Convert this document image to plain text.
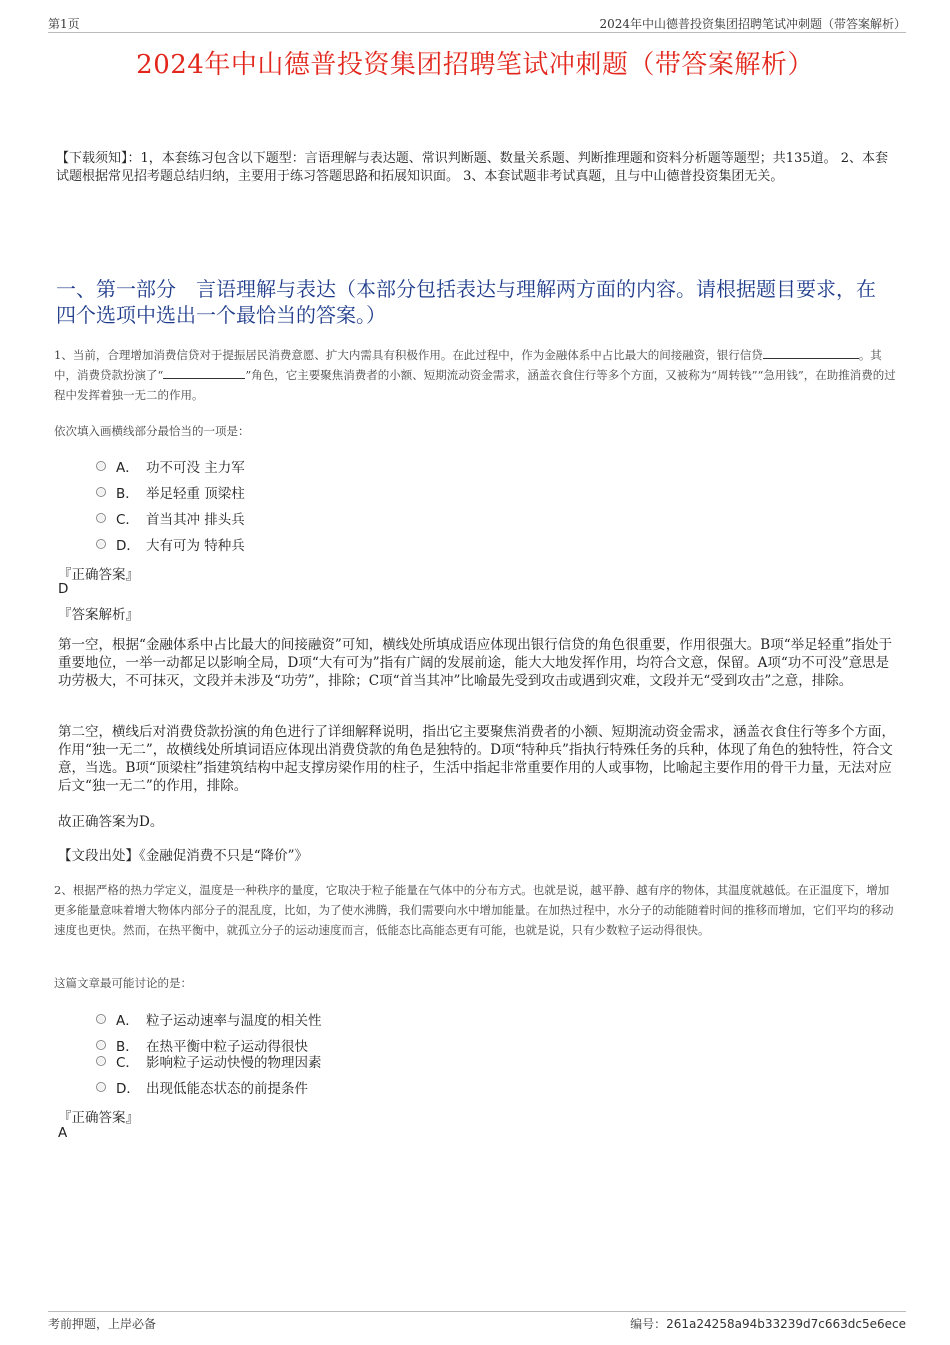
第1页	2024年中山德普投资集团招聘笔试冲刺题（带答案解析）
2024年中山德普投资集团招聘笔试冲刺题（带答案解析）
【下载须知】：1，本套练习包含以下题型：言语理解与表达题、常识判断题、数量关系题、判断推理题和资料分析题等题型；共135道。 2、本套试题根据常见招考题总结归纳，主要用于练习答题思路和拓展知识面。 3、本套试题非考试真题，且与中山德普投资集团无关。
一、第一部分　言语理解与表达（本部分包括表达与理解两方面的内容。请根据题目要求，在四个选项中选出一个最恰当的答案。）
1、当前，合理增加消费信贷对于提振居民消费意愿、扩大内需具有积极作用。在此过程中，作为金融体系中占比最大的间接融资，银行信贷	。其中，消费贷款扮演了“	”角色，它主要聚焦消费者的小额、短期流动资金需求，涵盖衣食住行等多个方面，又被称为“周转钱”“急用钱”，在助推消费的过程中发挥着独一无二的作用。
依次填入画横线部分最恰当的一项是：
A． 功不可没 主力军
B． 举足轻重 顶梁柱
C． 首当其冲 排头兵
D． 大有可为 特种兵
『正确答案』
D
『答案解析』
第一空，根据“金融体系中占比最大的间接融资”可知，横线处所填成语应体现出银行信贷的角色很重要，作用很强大。B项“举足轻重”指处于重要地位，一举一动都足以影响全局，D项“大有可为”指有广阔的发展前途，能大大地发挥作用，均符合文意，保留。A项“功不可没”意思是功劳极大，不可抹灭，文段并未涉及“功劳”，排除；C项“首当其冲”比喻最先受到攻击或遇到灾难，文段并无“受到攻击”之意，排除。
第二空，横线后对消费贷款扮演的角色进行了详细解释说明，指出它主要聚焦消费者的小额、短期流动资金需求，涵盖衣食住行等多个方面，作用“独一无二”，故横线处所填词语应体现出消费贷款的角色是独特的。D项“特种兵”指执行特殊任务的兵种，体现了角色的独特性，符合文意，当选。B项“顶梁柱”指建筑结构中起支撑房梁作用的柱子，生活中指起非常重要作用的人或事物，比喻起主要作用的骨干力量，无法对应后文“独一无二”的作用，排除。
故正确答案为D。
【文段出处】《金融促消费不只是“降价”》
2、根据严格的热力学定义，温度是一种秩序的量度，它取决于粒子能量在气体中的分布方式。也就是说，越平静、越有序的物体，其温度就越低。在正温度下，增加更多能量意味着增大物体内部分子的混乱度，比如，为了使水沸腾，我们需要向水中增加能量。在加热过程中，水分子的动能随着时间的推移而增加，它们平均的移动速度也更快。然而，在热平衡中，就孤立分子的运动速度而言，低能态比高能态更有可能，也就是说，只有少数粒子运动得很快。
这篇文章最可能讨论的是：
A． 粒子运动速率与温度的相关性
B． 在热平衡中粒子运动得很快
C． 影响粒子运动快慢的物理因素
D． 出现低能态状态的前提条件
『正确答案』
A
考前押题，上岸必备	编号：261a24258a94b33239d7c663dc5e6ece
